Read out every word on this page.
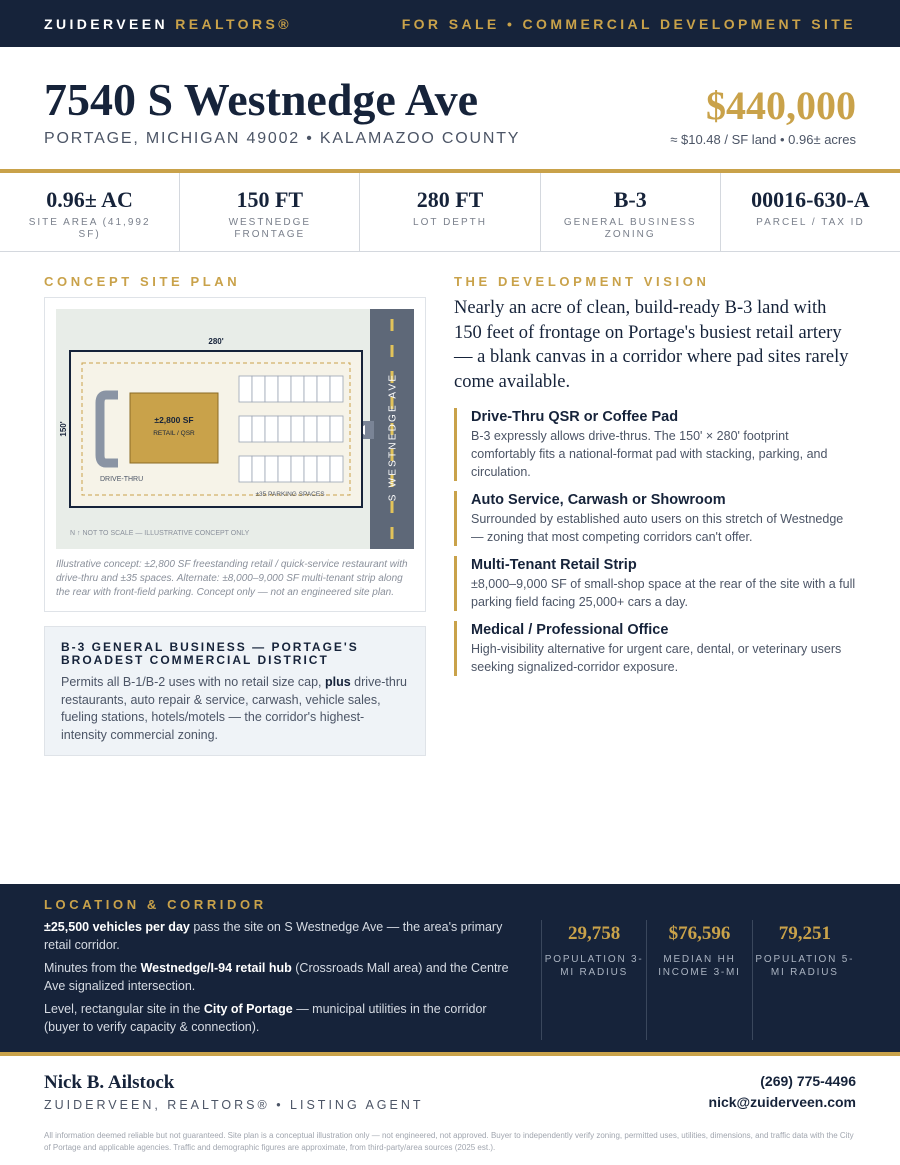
ZUIDERVEEN REALTORS®	FOR SALE • COMMERCIAL DEVELOPMENT SITE
7540 S Westnedge Ave
PORTAGE, MICHIGAN 49002 • KALAMAZOO COUNTY
$440,000
≈ $10.48 / SF land • 0.96± acres
0.96± AC
SITE AREA (41,992 SF)
150 FT
WESTNEDGE FRONTAGE
280 FT
LOT DEPTH
B-3
GENERAL BUSINESS ZONING
00016-630-A
PARCEL / TAX ID
CONCEPT SITE PLAN
S WESTNEDGE AVE
280'
150'
DRIVE-THRU
±2,800 SF
RETAIL / QSR
±35 PARKING SPACES
N ↑ NOT TO SCALE — ILLUSTRATIVE CONCEPT ONLY
Illustrative concept: ±2,800 SF freestanding retail / quick-service restaurant with drive-thru and ±35 spaces. Alternate: ±8,000–9,000 SF multi-tenant strip along the rear with front-field parking. Concept only — not an engineered site plan.
B-3 GENERAL BUSINESS — PORTAGE'S BROADEST COMMERCIAL DISTRICT
Permits all B-1/B-2 uses with no retail size cap, plus drive-thru restaurants, auto repair & service, carwash, vehicle sales, fueling stations, hotels/motels — the corridor's highest-intensity commercial zoning.
THE DEVELOPMENT VISION
Nearly an acre of clean, build-ready B-3 land with 150 feet of frontage on Portage's busiest retail artery — a blank canvas in a corridor where pad sites rarely come available.
Drive-Thru QSR or Coffee Pad
B-3 expressly allows drive-thrus. The 150' × 280' footprint comfortably fits a national-format pad with stacking, parking, and circulation.
Auto Service, Carwash or Showroom
Surrounded by established auto users on this stretch of Westnedge — zoning that most competing corridors can't offer.
Multi-Tenant Retail Strip
±8,000–9,000 SF of small-shop space at the rear of the site with a full parking field facing 25,000+ cars a day.
Medical / Professional Office
High-visibility alternative for urgent care, dental, or veterinary users seeking signalized-corridor exposure.
LOCATION & CORRIDOR
±25,500 vehicles per day pass the site on S Westnedge Ave — the area's primary retail corridor.
Minutes from the Westnedge/I-94 retail hub (Crossroads Mall area) and the Centre Ave signalized intersection.
Level, rectangular site in the City of Portage — municipal utilities in the corridor (buyer to verify capacity & connection).
29,758
POPULATION 3-MI RADIUS
$76,596
MEDIAN HH INCOME 3-MI
79,251
POPULATION 5-MI RADIUS
Nick B. Ailstock
ZUIDERVEEN, REALTORS® • LISTING AGENT
(269) 775-4496
nick@zuiderveen.com
All information deemed reliable but not guaranteed. Site plan is a conceptual illustration only — not engineered, not approved. Buyer to independently verify zoning, permitted uses, utilities, dimensions, and traffic data with the City of Portage and applicable agencies. Traffic and demographic figures are approximate, from third-party/area sources (2025 est.).
